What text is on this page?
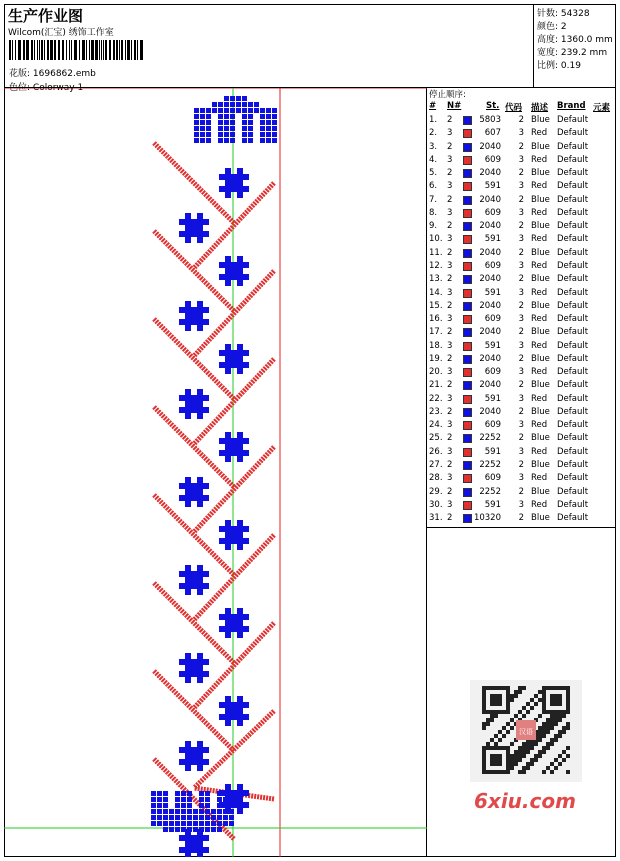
生产作业图
Wilcom(汇宝) 绣饰工作室
花版: 1696862.emb
色位: Colorway 1
针数: 54328
颜色: 2
高度: 1360.0 mm
宽度: 239.2 mm
比例: 0.19
停止顺序:
# N#	St. 代码 描述 Brand 元素
1. 2	5803 2 Blue Default
2. 3	607 3 Red Default
3. 2	2040 2 Blue Default
4. 3	609 3 Red Default
5. 2	2040 2 Blue Default
6. 3	591 3 Red Default
7. 2	2040 2 Blue Default
8. 3	609 3 Red Default
9. 2	2040 2 Blue Default
10. 3	591 3 Red Default
11. 2	2040 2 Blue Default
12. 3	609 3 Red Default
13. 2	2040 2 Blue Default
14. 3	591 3 Red Default
15. 2	2040 2 Blue Default
16. 3	609 3 Red Default
17. 2	2040 2 Blue Default
18. 3	591 3 Red Default
19. 2	2040 2 Blue Default
20. 3	609 3 Red Default
21. 2	2040 2 Blue Default
22. 3	591 3 Red Default
23. 2	2040 2 Blue Default
24. 3	609 3 Red Default
25. 2	2252 2 Blue Default
26. 3	591 3 Red Default
27. 2	2252 2 Blue Default
28. 3	609 3 Red Default
29. 2	2252 2 Blue Default
30. 3	591 3 Red Default
31. 2	10320 2 Blue Default
汉语
6xiu.com
